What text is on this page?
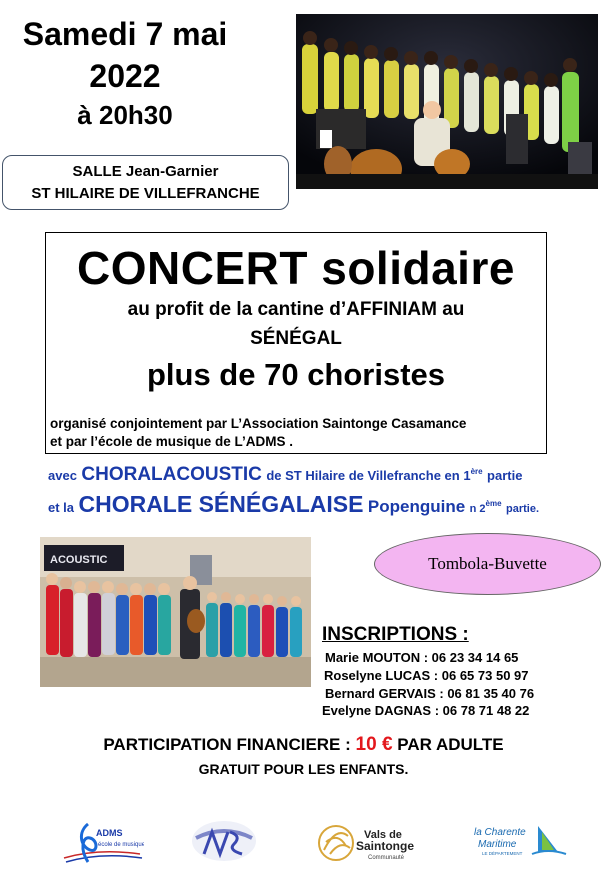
Samedi 7 mai
2022
à 20h30
SALLE Jean-Garnier
ST HILAIRE DE VILLEFRANCHE
CONCERT solidaire
au profit de la cantine d’AFFINIAM au
SÉNÉGAL
plus de 70 choristes
organisé conjointement par L’Association Saintonge Casamance
et par l’école de musique de L’ADMS .
avec CHORALACOUSTIC de ST Hilaire de Villefranche en 1ère partie
et la CHORALE SÉNÉGALAISE Popenguine n 2ème partie.
ACOUSTIC	Tombola-Buvette
INSCRIPTIONS :
Marie MOUTON : 06 23 34 14 65
Roselyne LUCAS : 06 65 73 50 97
Bernard GERVAIS : 06 81 35 40 76
Evelyne DAGNAS : 06 78 71 48 22
PARTICIPATION FINANCIERE : 10 € PAR ADULTE
GRATUIT POUR LES ENFANTS.
ADMS
école de musique
Vals de
Saintonge
Communauté
la Charente
Maritime
LE DÉPARTEMENT
